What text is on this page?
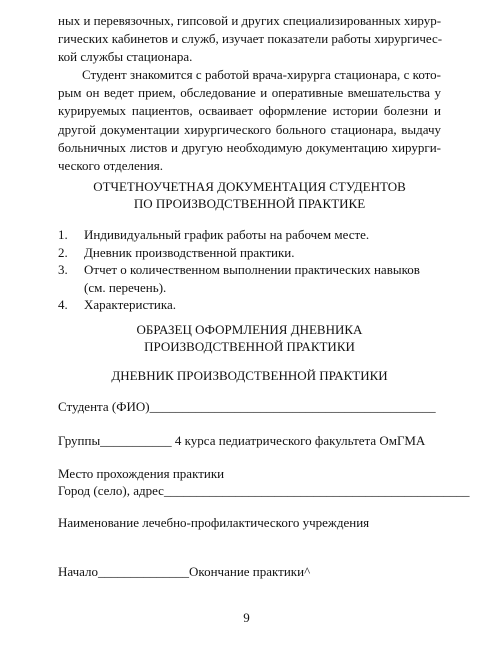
ных и перевязочных, гипсовой и других специализированных хирур-
гических кабинетов и служб, изучает показатели работы хирургичес-
кой службы стационара.
Студент знакомится с работой врача-хирурга стационара, с кото-
рым он ведет прием, обследование и оперативные вмешательства у
курируемых пациентов, осваивает оформление истории болезни и
другой документации хирургического больного стационара, выдачу
больничных листов и другую необходимую документацию хирурги-
ческого отделения.
ОТЧЕТНОУЧЕТНАЯ ДОКУМЕНТАЦИЯ СТУДЕНТОВ
ПО ПРОИЗВОДСТВЕННОЙ ПРАКТИКЕ
1. Индивидуальный график работы на рабочем месте.
2. Дневник производственной практики.
3. Отчет о количественном выполнении практических навыков (см. перечень).
4. Характеристика.
ОБРАЗЕЦ ОФОРМЛЕНИЯ ДНЕВНИКА
ПРОИЗВОДСТВЕННОЙ ПРАКТИКИ
ДНЕВНИК ПРОИЗВОДСТВЕННОЙ ПРАКТИКИ
Студента (ФИО)____________________________________________
Группы___________ 4 курса педиатрического факультета ОмГМА
Место прохождения практики
Город (село), адрес_______________________________________________
Наименование лечебно-профилактического учреждения
Начало______________Окончание практики^
9
